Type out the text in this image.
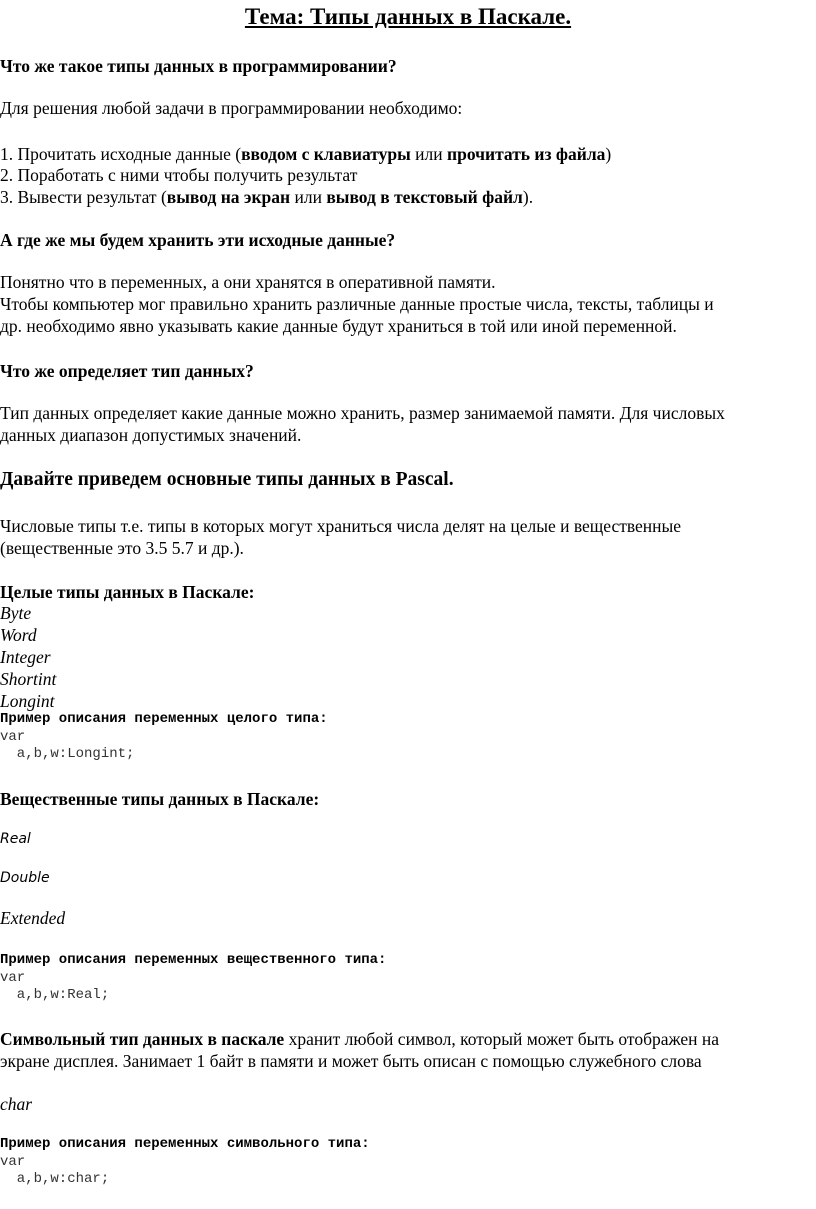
Тема: Типы данных в Паскале.
Что же такое типы данных в программировании?
Для решения любой задачи в программировании необходимо:
1. Прочитать исходные данные (вводом с клавиатуры или прочитать из файла)
2. Поработать с ними чтобы получить результат
3. Вывести результат (вывод на экран или вывод в текстовый файл).
А где же мы будем хранить эти исходные данные?
Понятно что в переменных, а они хранятся в оперативной памяти.
Чтобы компьютер мог правильно хранить различные данные простые числа, тексты, таблицы и
др. необходимо явно указывать какие данные будут храниться в той или иной переменной.
Что же определяет тип данных?
Тип данных определяет какие данные можно хранить, размер занимаемой памяти. Для числовых
данных диапазон допустимых значений.
Давайте приведем основные типы данных в Pascal.
Числовые типы т.е. типы в которых могут храниться числа делят на целые и вещественные
(вещественные это 3.5 5.7 и др.).
Целые типы данных в Паскале:
Byte
Word
Integer
Shortint
Longint
Пример описания переменных целого типа:
var
a,b,w:Longint;
Вещественные типы данных в Паскале:
Real
Double
Extended
Пример описания переменных вещественного типа:
var
a,b,w:Real;
Символьный тип данных в паскале хранит любой символ, который может быть отображен на
экране дисплея. Занимает 1 байт в памяти и может быть описан с помощью служебного слова
char
Пример описания переменных символьного типа:
var
a,b,w:char;
